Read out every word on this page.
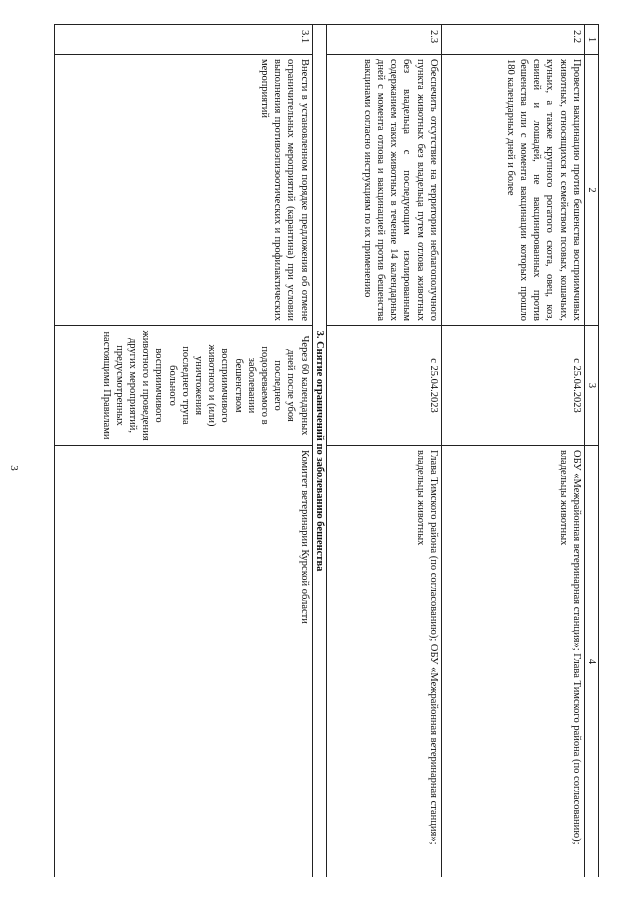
3
1	2	3	4
2.2	Провести вакцинацию против бешенства восприимчивых животных, относящихся к семейством псовых, кошачьих, куньих, а также крупного рогатого скота, овец, коз, свиней и лошадей, не вакцинированных против бешенства или с момента вакцинации которых прошло 180 календарных дней и более	с 25.04.2023	ОБУ «Межрайонная ветеринарная станция»; Глава Тимского района (по согласованию); владельцы животных
2.3	Обеспечить отсутствие на территории неблагополучного пункта животных без владельца путем отлова животных без владельца с последующим изолированным содержанием таких животных в течение 14 календарных дней с момента отлова и вакцинацией против бешенства вакцинами согласно инструкциям по их применению	с 25.04.2023	Глава Тимского района (по согласованию); ОБУ «Межрайонная ветеринарная станция»; владельцы животных
3. Снятие ограничений по заболеванию бешенства			
3.1	Внести в установленном порядке предложения об отмене ограничительных мероприятий (карантина) при условии выполнения противоэпизоотических и профилактических мероприятий	Через 60 календарных дней после убоя последнего подозреваемого в заболевании бешенством восприимчивого животного и (или) уничтожения последнего трупа больного восприимчивого животного и проведения других мероприятий, предусмотренных настоящими Правилами	Комитет ветеринарии Курской области
